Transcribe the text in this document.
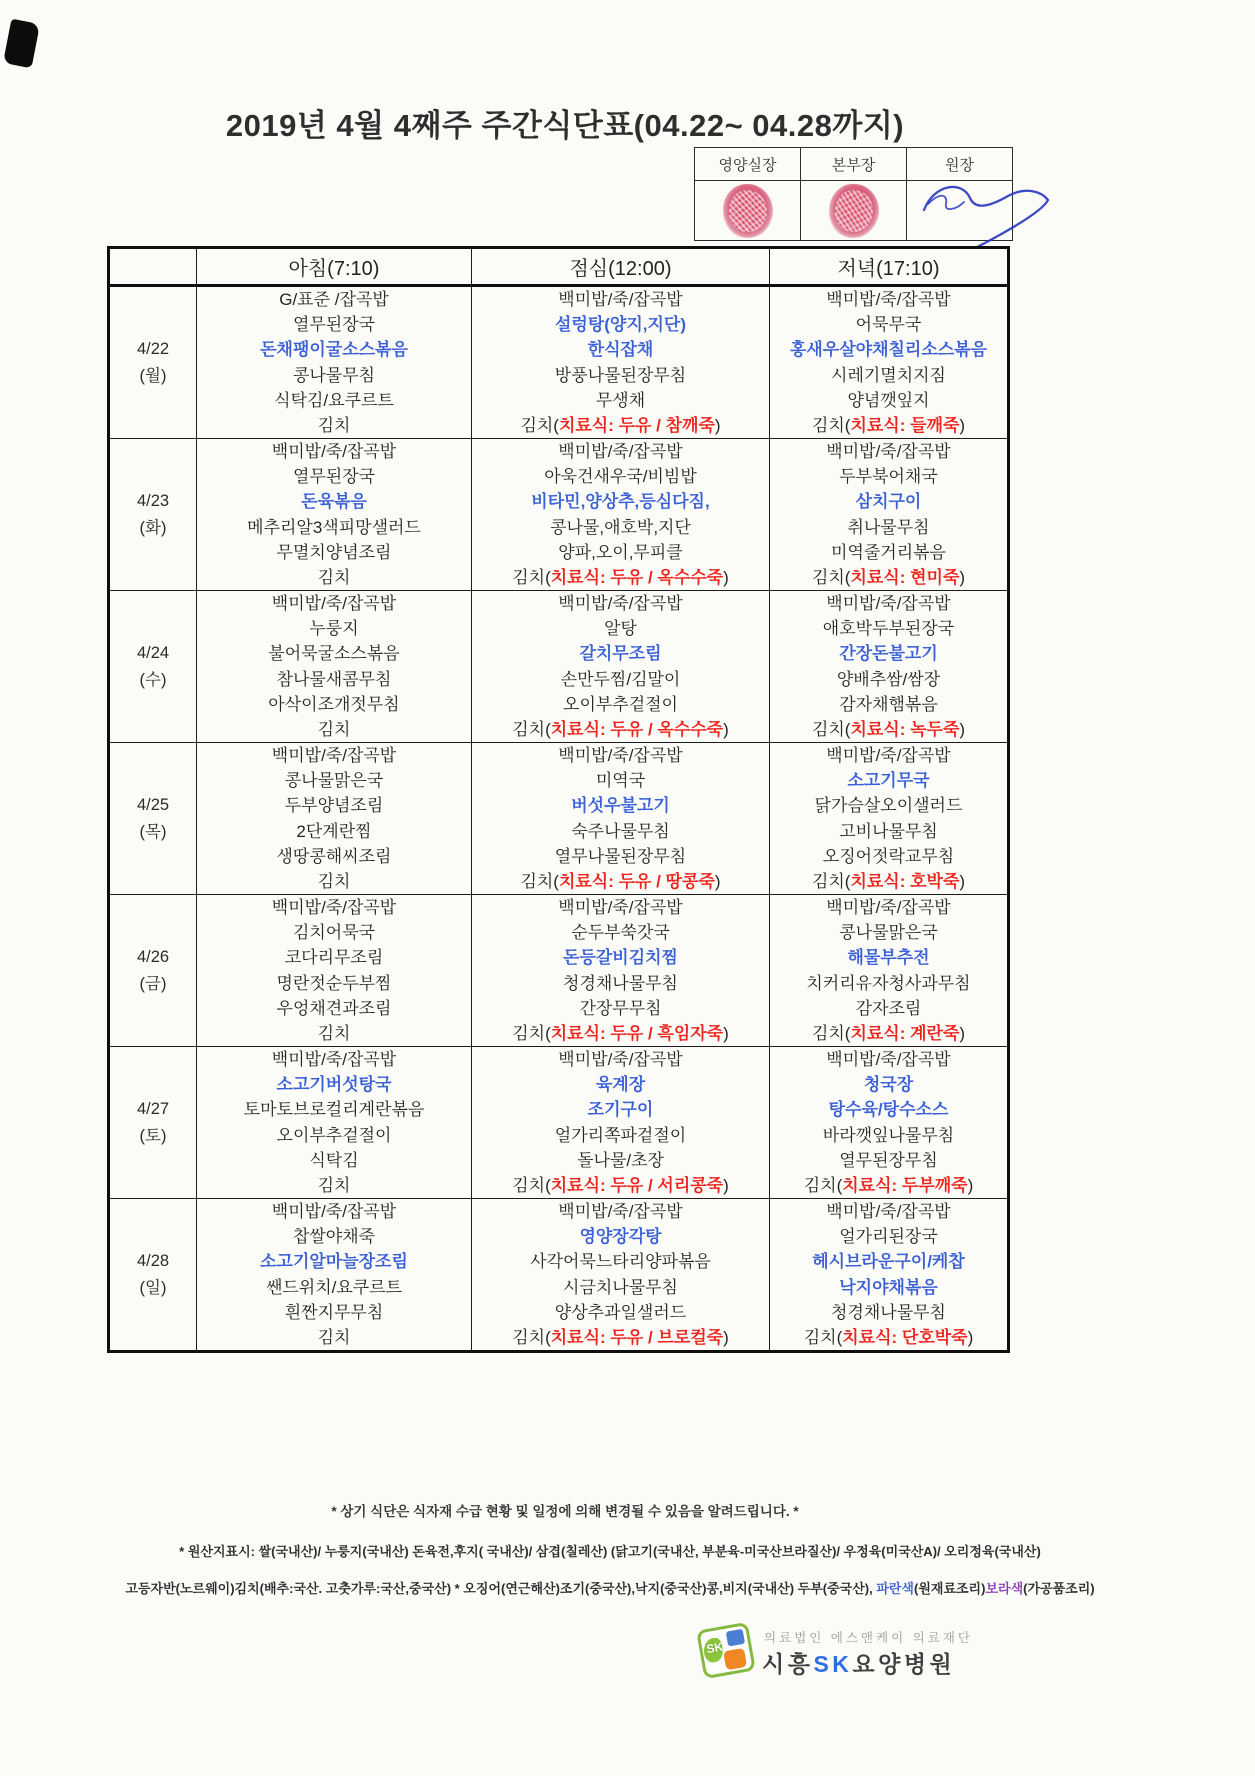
2019년 4월 4째주 주간식단표(04.22~ 04.28까지)
영양실장	본부장	원장

	아침(7:10)	점심(12:00)	저녁(17:10)

4/22
(월)

G/표준 /잡곡밥
열무된장국
돈채팽이굴소스볶음
콩나물무침
식탁김/요쿠르트
김치

백미밥/죽/잡곡밥
설렁탕(양지,지단)
한식잡채
방풍나물된장무침
무생채
김치(치료식: 두유 / 참깨죽)

백미밥/죽/잡곡밥
어묵무국
홍새우살야채칠리소스볶음
시레기멸치지짐
양념깻잎지
김치(치료식: 들깨죽)

4/23
(화)

백미밥/죽/잡곡밥
열무된장국
돈육볶음
메추리알3색피망샐러드
무멸치양념조림
김치

백미밥/죽/잡곡밥
아욱건새우국/비빔밥
비타민,양상추,등심다짐,
콩나물,애호박,지단
양파,오이,무피클
김치(치료식: 두유 / 옥수수죽)

백미밥/죽/잡곡밥
두부북어채국
삼치구이
취나물무침
미역줄거리볶음
김치(치료식: 현미죽)

4/24
(수)

백미밥/죽/잡곡밥
누룽지
불어묵굴소스볶음
참나물새콤무침
아삭이조개젓무침
김치

백미밥/죽/잡곡밥
알탕
갈치무조림
손만두찜/김말이
오이부추겉절이
김치(치료식: 두유 / 옥수수죽)

백미밥/죽/잡곡밥
애호박두부된장국
간장돈불고기
양배추쌈/쌈장
감자채햄볶음
김치(치료식: 녹두죽)

4/25
(목)

백미밥/죽/잡곡밥
콩나물맑은국
두부양념조림
2단계란찜
생땅콩해씨조림
김치

백미밥/죽/잡곡밥
미역국
버섯우불고기
숙주나물무침
열무나물된장무침
김치(치료식: 두유 / 땅콩죽)

백미밥/죽/잡곡밥
소고기무국
닭가슴살오이샐러드
고비나물무침
오징어젓락교무침
김치(치료식: 호박죽)

4/26
(금)

백미밥/죽/잡곡밥
김치어묵국
코다리무조림
명란젓순두부찜
우엉채견과조림
김치

백미밥/죽/잡곡밥
순두부쑥갓국
돈등갈비김치찜
청경채나물무침
간장무무침
김치(치료식: 두유 / 흑임자죽)

백미밥/죽/잡곡밥
콩나물맑은국
해물부추전
치커리유자청사과무침
감자조림
김치(치료식: 계란죽)

4/27
(토)

백미밥/죽/잡곡밥
소고기버섯탕국
토마토브로컬리계란볶음
오이부추겉절이
식탁김
김치

백미밥/죽/잡곡밥
육계장
조기구이
얼가리쪽파겉절이
돌나물/초장
김치(치료식: 두유 / 서리콩죽)

백미밥/죽/잡곡밥
청국장
탕수육/탕수소스
바라깻잎나물무침
열무된장무침
김치(치료식: 두부깨죽)

4/28
(일)

백미밥/죽/잡곡밥
찹쌀야채죽
소고기알마늘장조림
쌘드위치/요쿠르트
흰짠지무무침
김치

백미밥/죽/잡곡밥
영양장각탕
사각어묵느타리양파볶음
시금치나물무침
양상추과일샐러드
김치(치료식: 두유 / 브로컬죽)

백미밥/죽/잡곡밥
얼가리된장국
헤시브라운구이/케찹
낙지야채볶음
청경채나물무침
김치(치료식: 단호박죽)
* 상기 식단은 식자재 수급 현황 및 일정에 의해 변경될 수 있음을 알려드립니다. *
* 원산지표시: 쌀(국내산)/ 누룽지(국내산) 돈육전,후지( 국내산)/ 삼겹(칠레산) (닭고기(국내산, 부분육-미국산브라질산)/ 우정육(미국산A)/ 오리정육(국내산)
고등자반(노르웨이)김치(배추:국산. 고춧가루:국산,중국산) * 오징어(연근해산)조기(중국산),낙지(중국산)콩,비지(국내산) 두부(중국산), 파란색(원재료조리)보라색(가공품조리)
SK
의료법인 에스앤케이 의료재단
시흥SK요양병원
